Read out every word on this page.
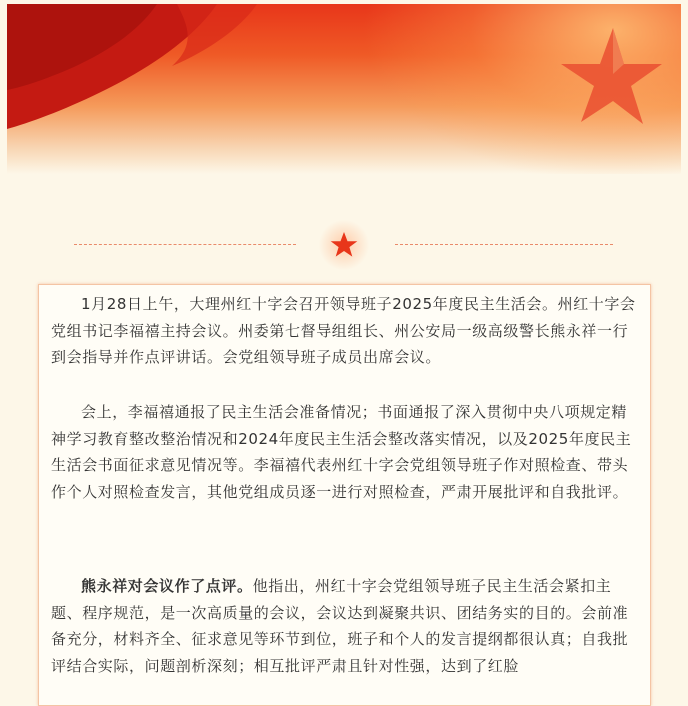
1月28日上午，大理州红十字会召开领导班子2025年度民主生活会。州红十字会党组书记李福禧主持会议。州委第七督导组组长、州公安局一级高级警长熊永祥一行到会指导并作点评讲话。会党组领导班子成员出席会议。

会上，李福禧通报了民主生活会准备情况；书面通报了深入贯彻中央八项规定精神学习教育整改整治情况和2024年度民主生活会整改落实情况，以及2025年度民主生活会书面征求意见情况等。李福禧代表州红十字会党组领导班子作对照检查、带头作个人对照检查发言，其他党组成员逐一进行对照检查，严肃开展批评和自我批评。

熊永祥对会议作了点评。他指出，州红十字会党组领导班子民主生活会紧扣主题、程序规范，是一次高质量的会议，会议达到凝聚共识、团结务实的目的。会前准备充分，材料齐全、征求意见等环节到位，班子和个人的发言提纲都很认真；自我批评结合实际，问题剖析深刻；相互批评严肃且针对性强，达到了红脸
